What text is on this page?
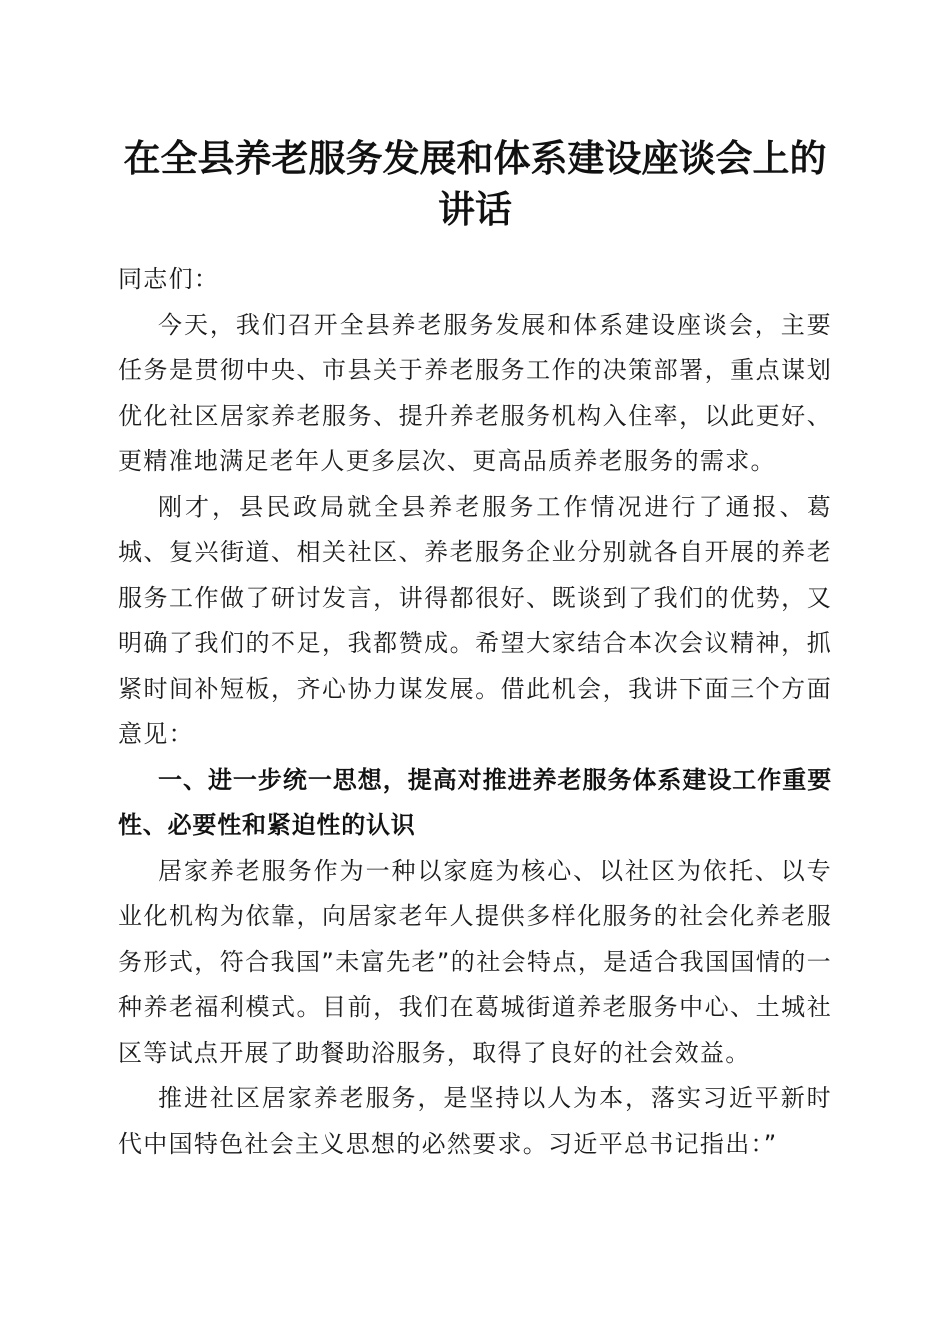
在全县养老服务发展和体系建设座谈会上的讲话

同志们：

今天，我们召开全县养老服务发展和体系建设座谈会，主要任务是贯彻中央、市县关于养老服务工作的决策部署，重点谋划优化社区居家养老服务、提升养老服务机构入住率，以此更好、更精准地满足老年人更多层次、更高品质养老服务的需求。

刚才，县民政局就全县养老服务工作情况进行了通报、葛城、复兴街道、相关社区、养老服务企业分别就各自开展的养老服务工作做了研讨发言，讲得都很好、既谈到了我们的优势，又明确了我们的不足，我都赞成。希望大家结合本次会议精神，抓紧时间补短板，齐心协力谋发展。借此机会，我讲下面三个方面意见：

一、进一步统一思想，提高对推进养老服务体系建设工作重要性、必要性和紧迫性的认识

居家养老服务作为一种以家庭为核心、以社区为依托、以专业化机构为依靠，向居家老年人提供多样化服务的社会化养老服务形式，符合我国”未富先老”的社会特点，是适合我国国情的一种养老福利模式。目前，我们在葛城街道养老服务中心、土城社区等试点开展了助餐助浴服务，取得了良好的社会效益。

推进社区居家养老服务，是坚持以人为本，落实习近平新时代中国特色社会主义思想的必然要求。习近平总书记指出：”
